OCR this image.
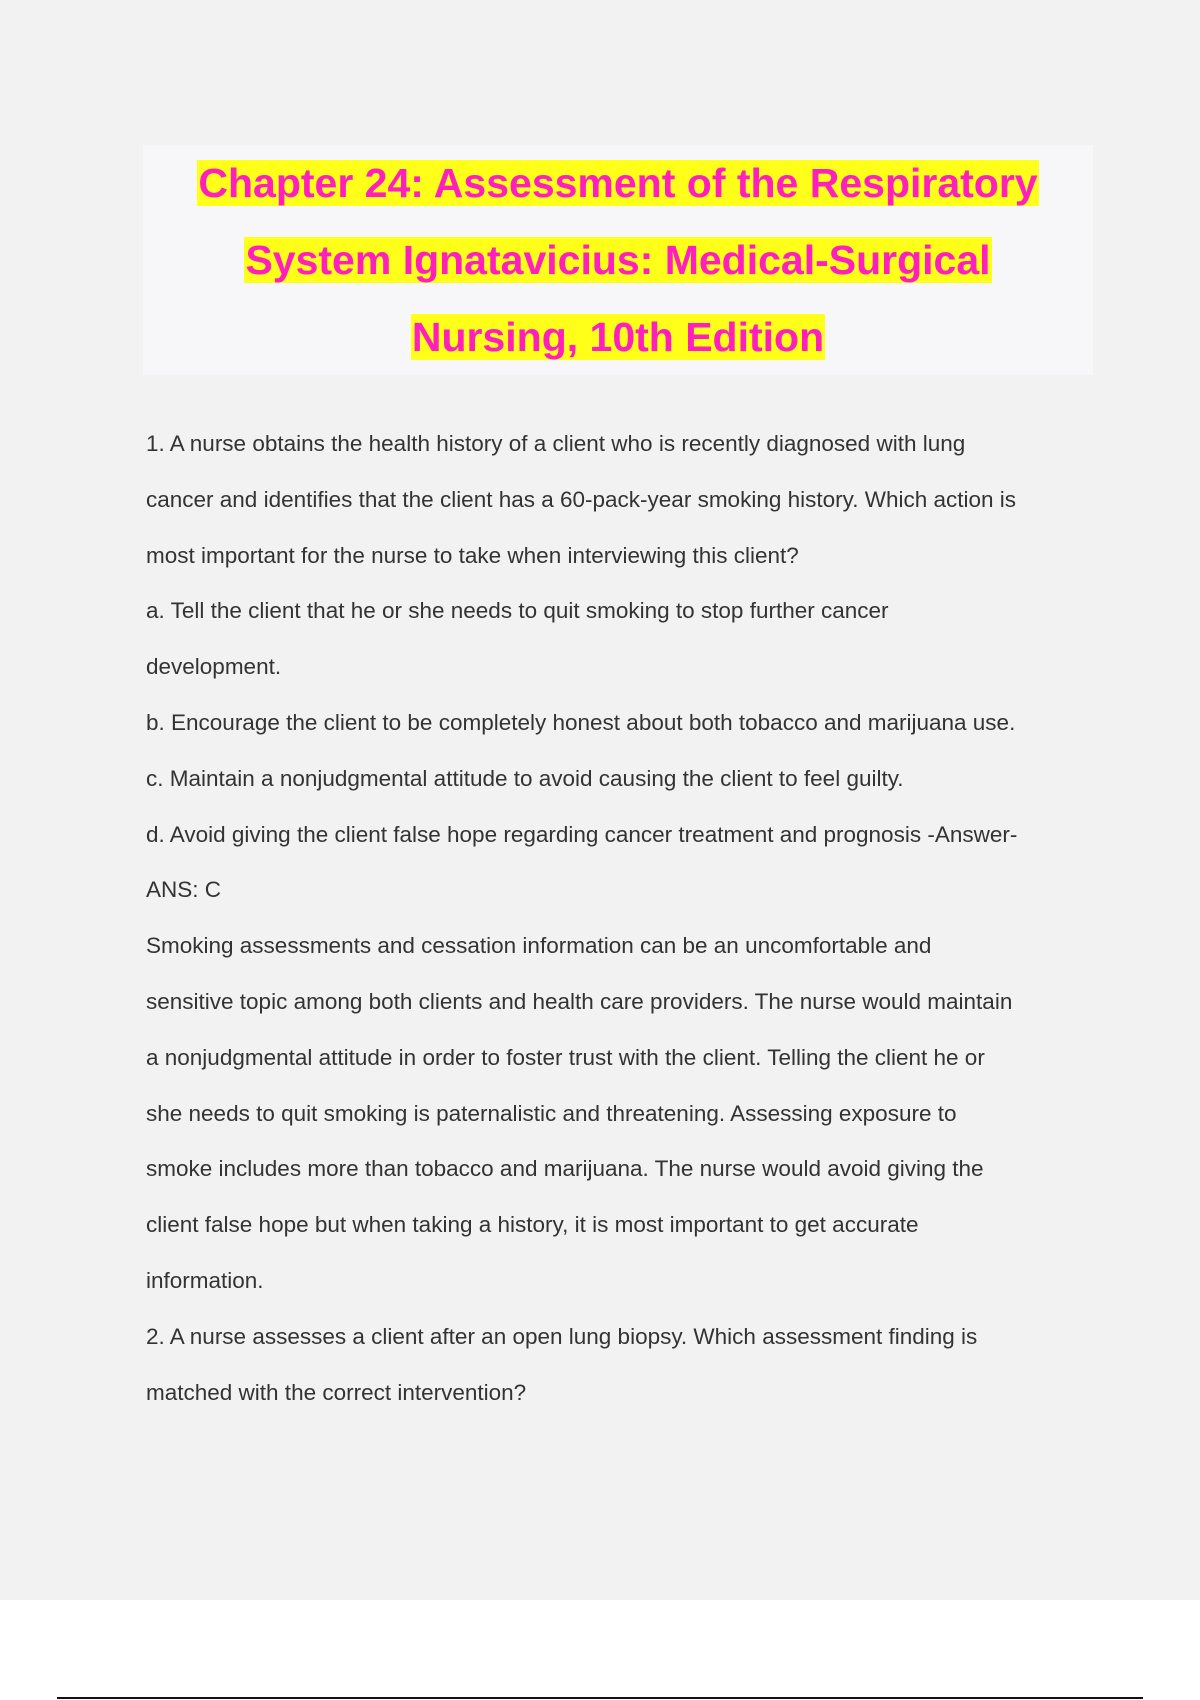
Chapter 24: Assessment of the Respiratory
System Ignatavicius: Medical-Surgical
Nursing, 10th Edition

1. A nurse obtains the health history of a client who is recently diagnosed with lung
cancer and identifies that the client has a 60-pack-year smoking history. Which action is
most important for the nurse to take when interviewing this client?
a. Tell the client that he or she needs to quit smoking to stop further cancer
development.
b. Encourage the client to be completely honest about both tobacco and marijuana use.
c. Maintain a nonjudgmental attitude to avoid causing the client to feel guilty.
d. Avoid giving the client false hope regarding cancer treatment and prognosis -Answer-
ANS: C
Smoking assessments and cessation information can be an uncomfortable and
sensitive topic among both clients and health care providers. The nurse would maintain
a nonjudgmental attitude in order to foster trust with the client. Telling the client he or
she needs to quit smoking is paternalistic and threatening. Assessing exposure to
smoke includes more than tobacco and marijuana. The nurse would avoid giving the
client false hope but when taking a history, it is most important to get accurate
information.
2. A nurse assesses a client after an open lung biopsy. Which assessment finding is
matched with the correct intervention?
